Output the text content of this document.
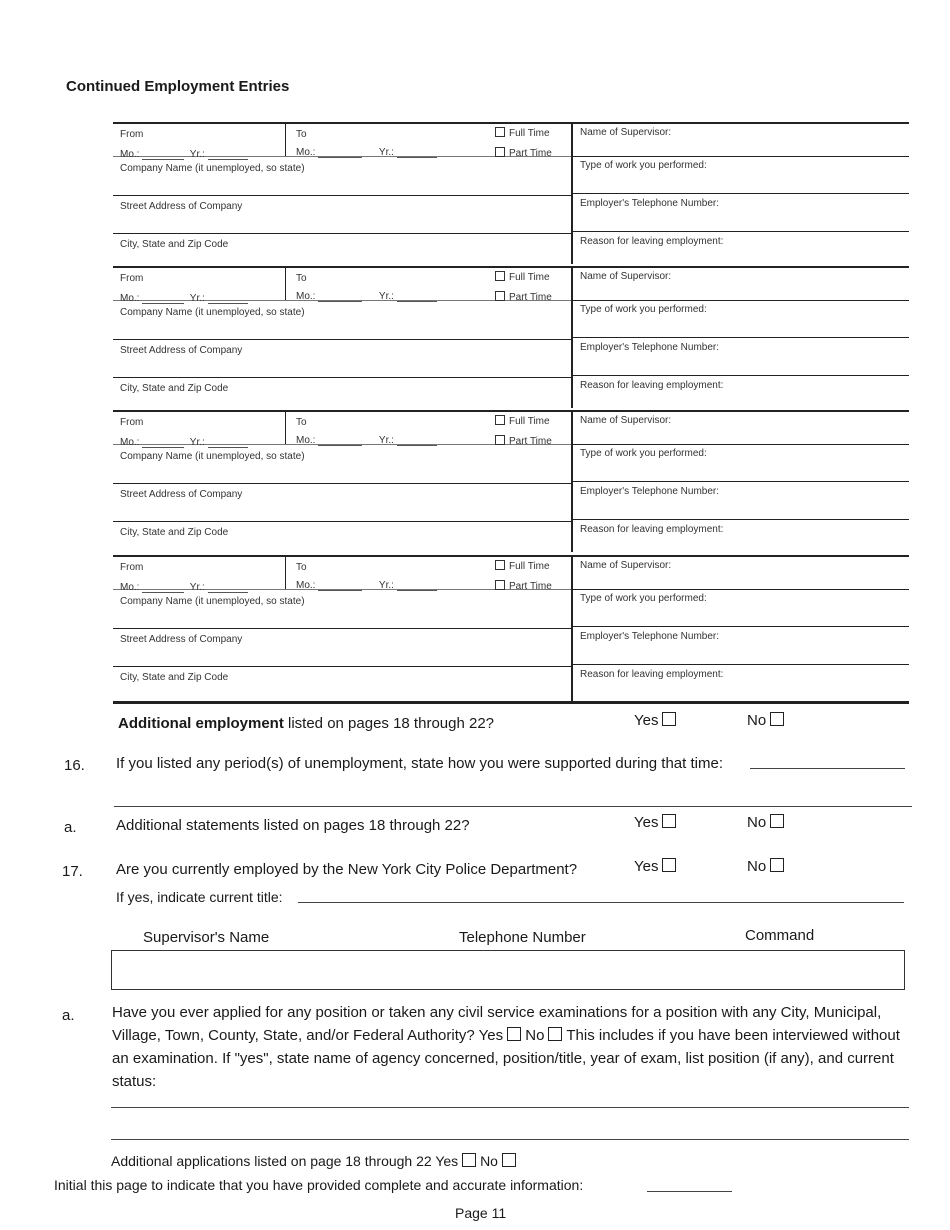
Continued Employment Entries
From
Mo.:	Yr.:
To
Mo.:	Yr.:
Full Time
Part Time
Company Name (it unemployed, so state)
Street Address of Company
City, State and Zip Code
Name of Supervisor:
Type of work you performed:
Employer's Telephone Number:
Reason for leaving employment:
From
Mo.:	Yr.:
To
Mo.:	Yr.:
Full Time
Part Time
Company Name (it unemployed, so state)
Street Address of Company
City, State and Zip Code
Name of Supervisor:
Type of work you performed:
Employer's Telephone Number:
Reason for leaving employment:
From
Mo.:	Yr.:
To
Mo.:	Yr.:
Full Time
Part Time
Company Name (it unemployed, so state)
Street Address of Company
City, State and Zip Code
Name of Supervisor:
Type of work you performed:
Employer's Telephone Number:
Reason for leaving employment:
From
Mo.:	Yr.:
To
Mo.:	Yr.:
Full Time
Part Time
Company Name (it unemployed, so state)
Street Address of Company
City, State and Zip Code
Name of Supervisor:
Type of work you performed:
Employer's Telephone Number:
Reason for leaving employment:
Additional employment listed on pages 18 through 22?	Yes	No
16. If you listed any period(s) of unemployment, state how you were supported during that time:
a.	Additional statements listed on pages 18 through 22?	Yes	No
17. Are you currently employed by the New York City Police Department?	Yes	No
If yes, indicate current title:
Supervisor's Name	Telephone Number	Command
a. Have you ever applied for any position or taken any civil service examinations for a position with any City, Municipal, Village, Town, County, State, and/or Federal Authority? Yes No This includes if you have been interviewed without an examination. If "yes", state name of agency concerned, position/title, year of exam, list position (if any), and current status:
Additional applications listed on page 18 through 22 Yes No
Initial this page to indicate that you have provided complete and accurate information:
Page 11
